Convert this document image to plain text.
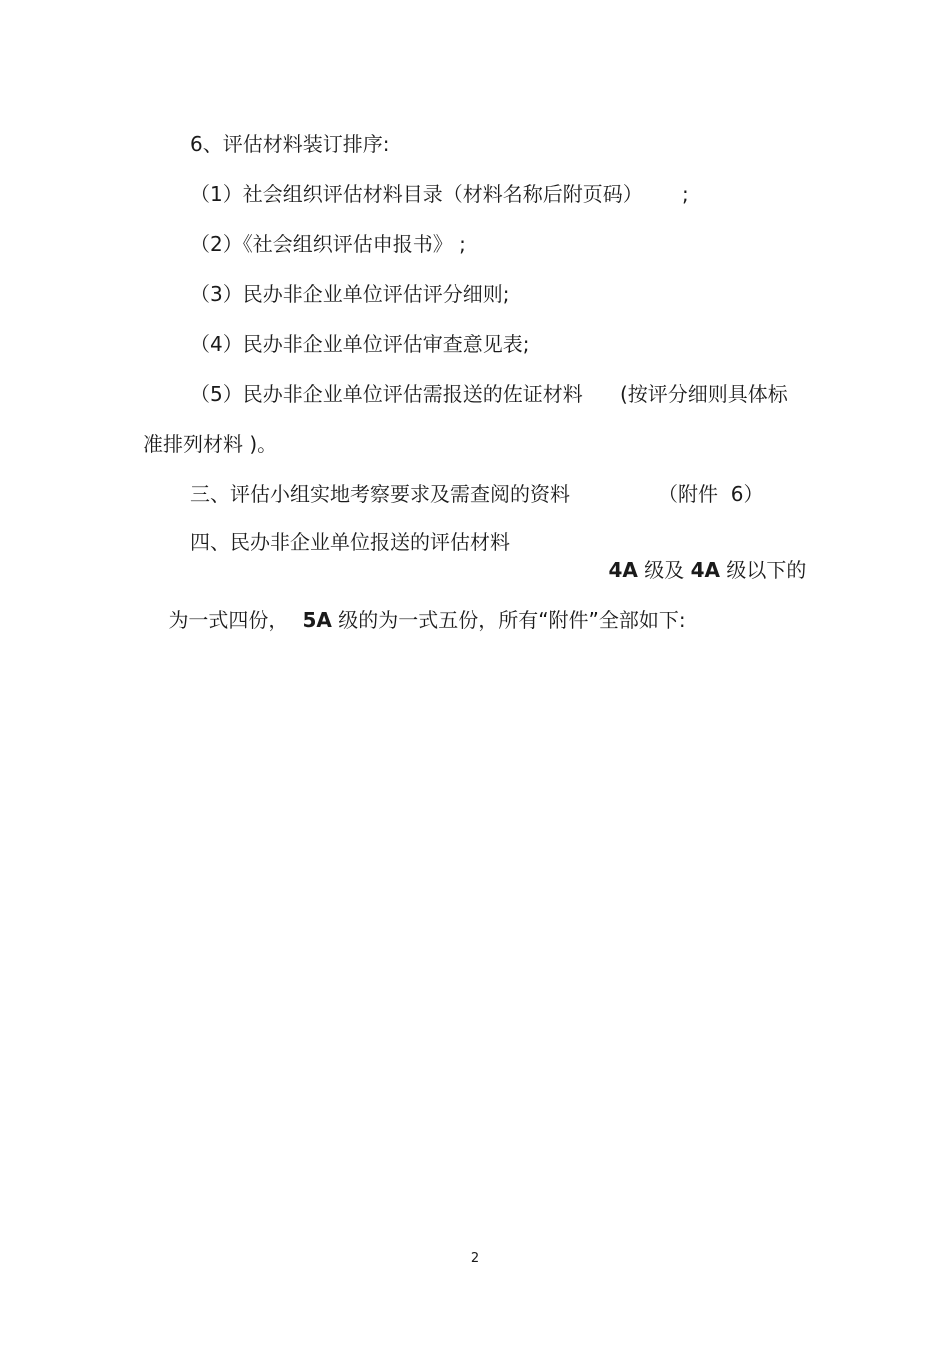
6、评估材料装订排序:
（1）社会组织评估材料目录（材料名称后附页码） ;
（2）《社会组织评估申报书》 ;
（3）民办非企业单位评估评分细则;
（4）民办非企业单位评估审查意见表;
（5）民办非企业单位评估需报送的佐证材料 (按评分细则具体标
准排列材料 )。
三、评估小组实地考察要求及需查阅的资料	（附件  6）
四、民办非企业单位报送的评估材料

4A 级及 4A 级以下的

为一式四份， 5A 级的为一式五份，所有“附件”全部如下:

2
